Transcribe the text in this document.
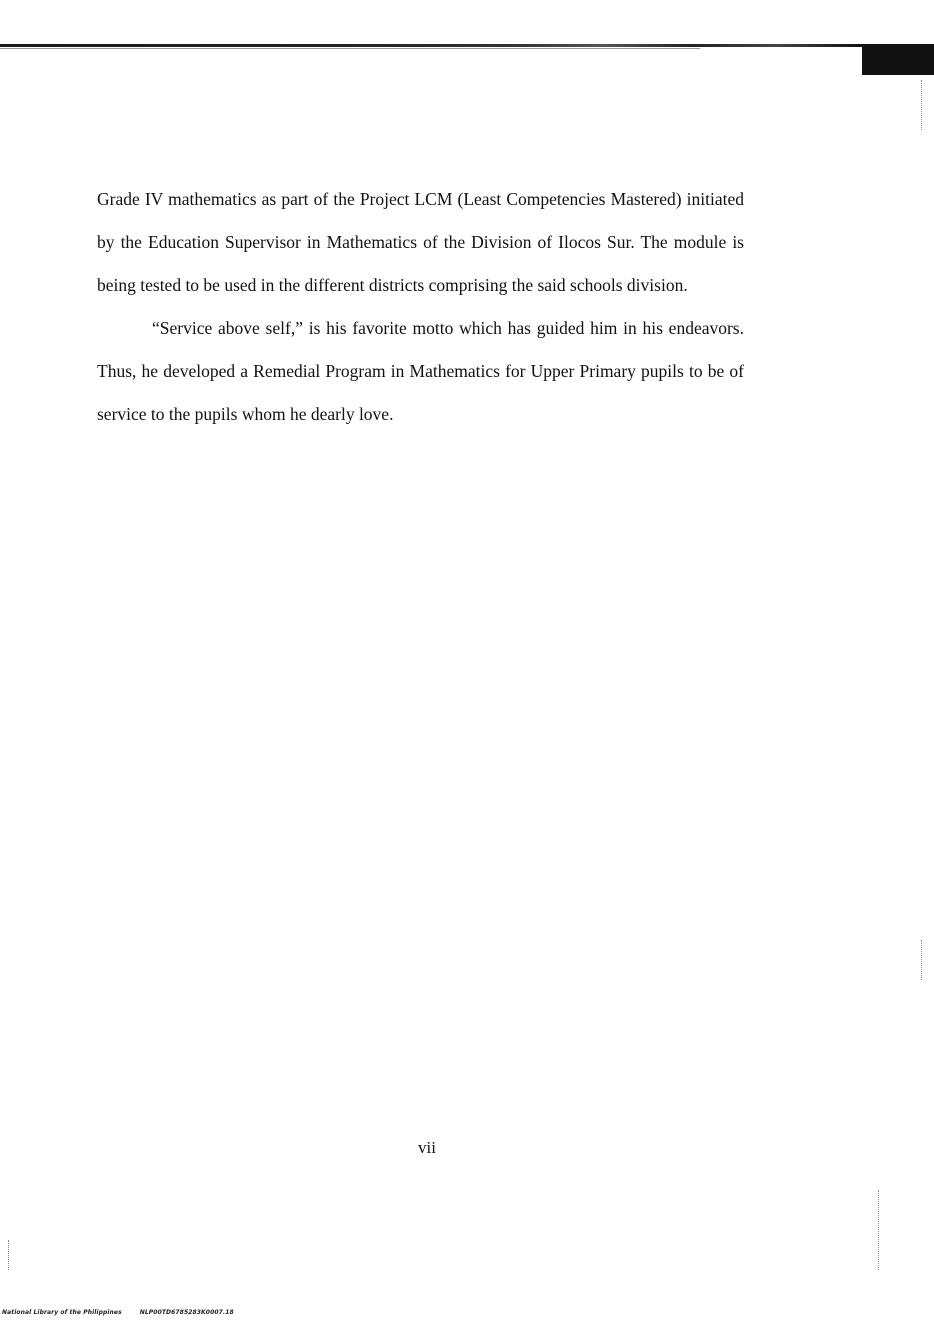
Grade IV mathematics as part of the Project LCM (Least Competencies Mastered) initiated by the Education Supervisor in Mathematics of the Division of Ilocos Sur. The module is being tested to be used in the different districts comprising the said schools division.

“Service above self,” is his favorite motto which has guided him in his endeavors. Thus, he developed a Remedial Program in Mathematics for Upper Primary pupils to be of service to the pupils whom he dearly love.

vii
National Library of the Philippines	NLP00TD6785283K0007.18
